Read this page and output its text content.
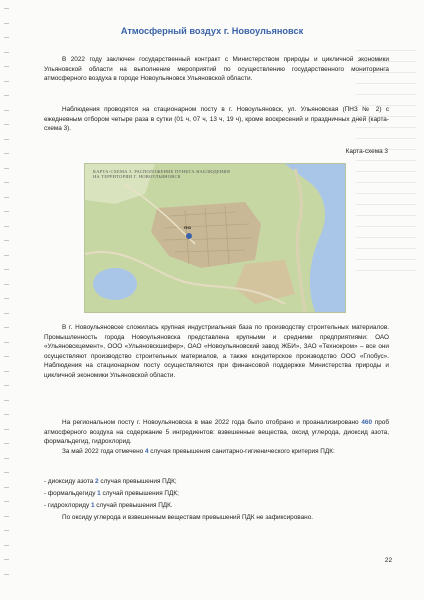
Атмосферный воздух г. Новоульяновск

В 2022 году заключен государственный контракт с Министерством природы и цикличной экономики Ульяновской области на выполнение мероприятий по осуществлению государственного мониторинга атмосферного воздуха в городе Новоульяновск Ульяновской области.

Наблюдения проводятся на стационарном посту в г. Новоульяновск, ул. Ульяновская (ПНЗ № 2) с ежедневным отбором четыре раза в сутки (01 ч, 07 ч, 13 ч, 19 ч), кроме воскресений и праздничных дней (карта-схема 3).

Карта-схема 3

КАРТА-СХЕМА 3. РАСПОЛОЖЕНИЕ ПУНКТА НАБЛЮДЕНИЯ
НА ТЕРРИТОРИИ Г. НОВОУЛЬЯНОВСК
ПНЗ

В г. Новоульяновске сложилась крупная индустриальная база по производству строительных материалов. Промышленность города Новоульяновска представлена крупными и средними предприятиями: ОАО «Ульяновскцемент», ООО «Ульяновскшифер», ОАО «Новоульяновский завод ЖБИ», ЗАО «Технокром» – все они осуществляют производство строительных материалов, а также кондитерское производство ООО «Глобус». Наблюдения на стационарном посту осуществляются при финансовой поддержке Министерства природы и цикличной экономики Ульяновской области.

На региональном посту г. Новоульяновска в мае 2022 года было отобрано и проанализировано 460 проб атмосферного воздуха на содержание 5 ингредиентов: взвешенные вещества, оксид углерода, диоксид азота, формальдегид, гидрохлорид.

За май 2022 года отмечено 4 случая превышения санитарно-гигиенического критерия ПДК:

- диоксиду азота 2 случая превышения ПДК;

- формальдегиду 1 случай превышения ПДК;

- гидрохлориду 1 случай превышения ПДК.

По оксиду углерода и взвешенным веществам превышений ПДК не зафиксировано.

22
